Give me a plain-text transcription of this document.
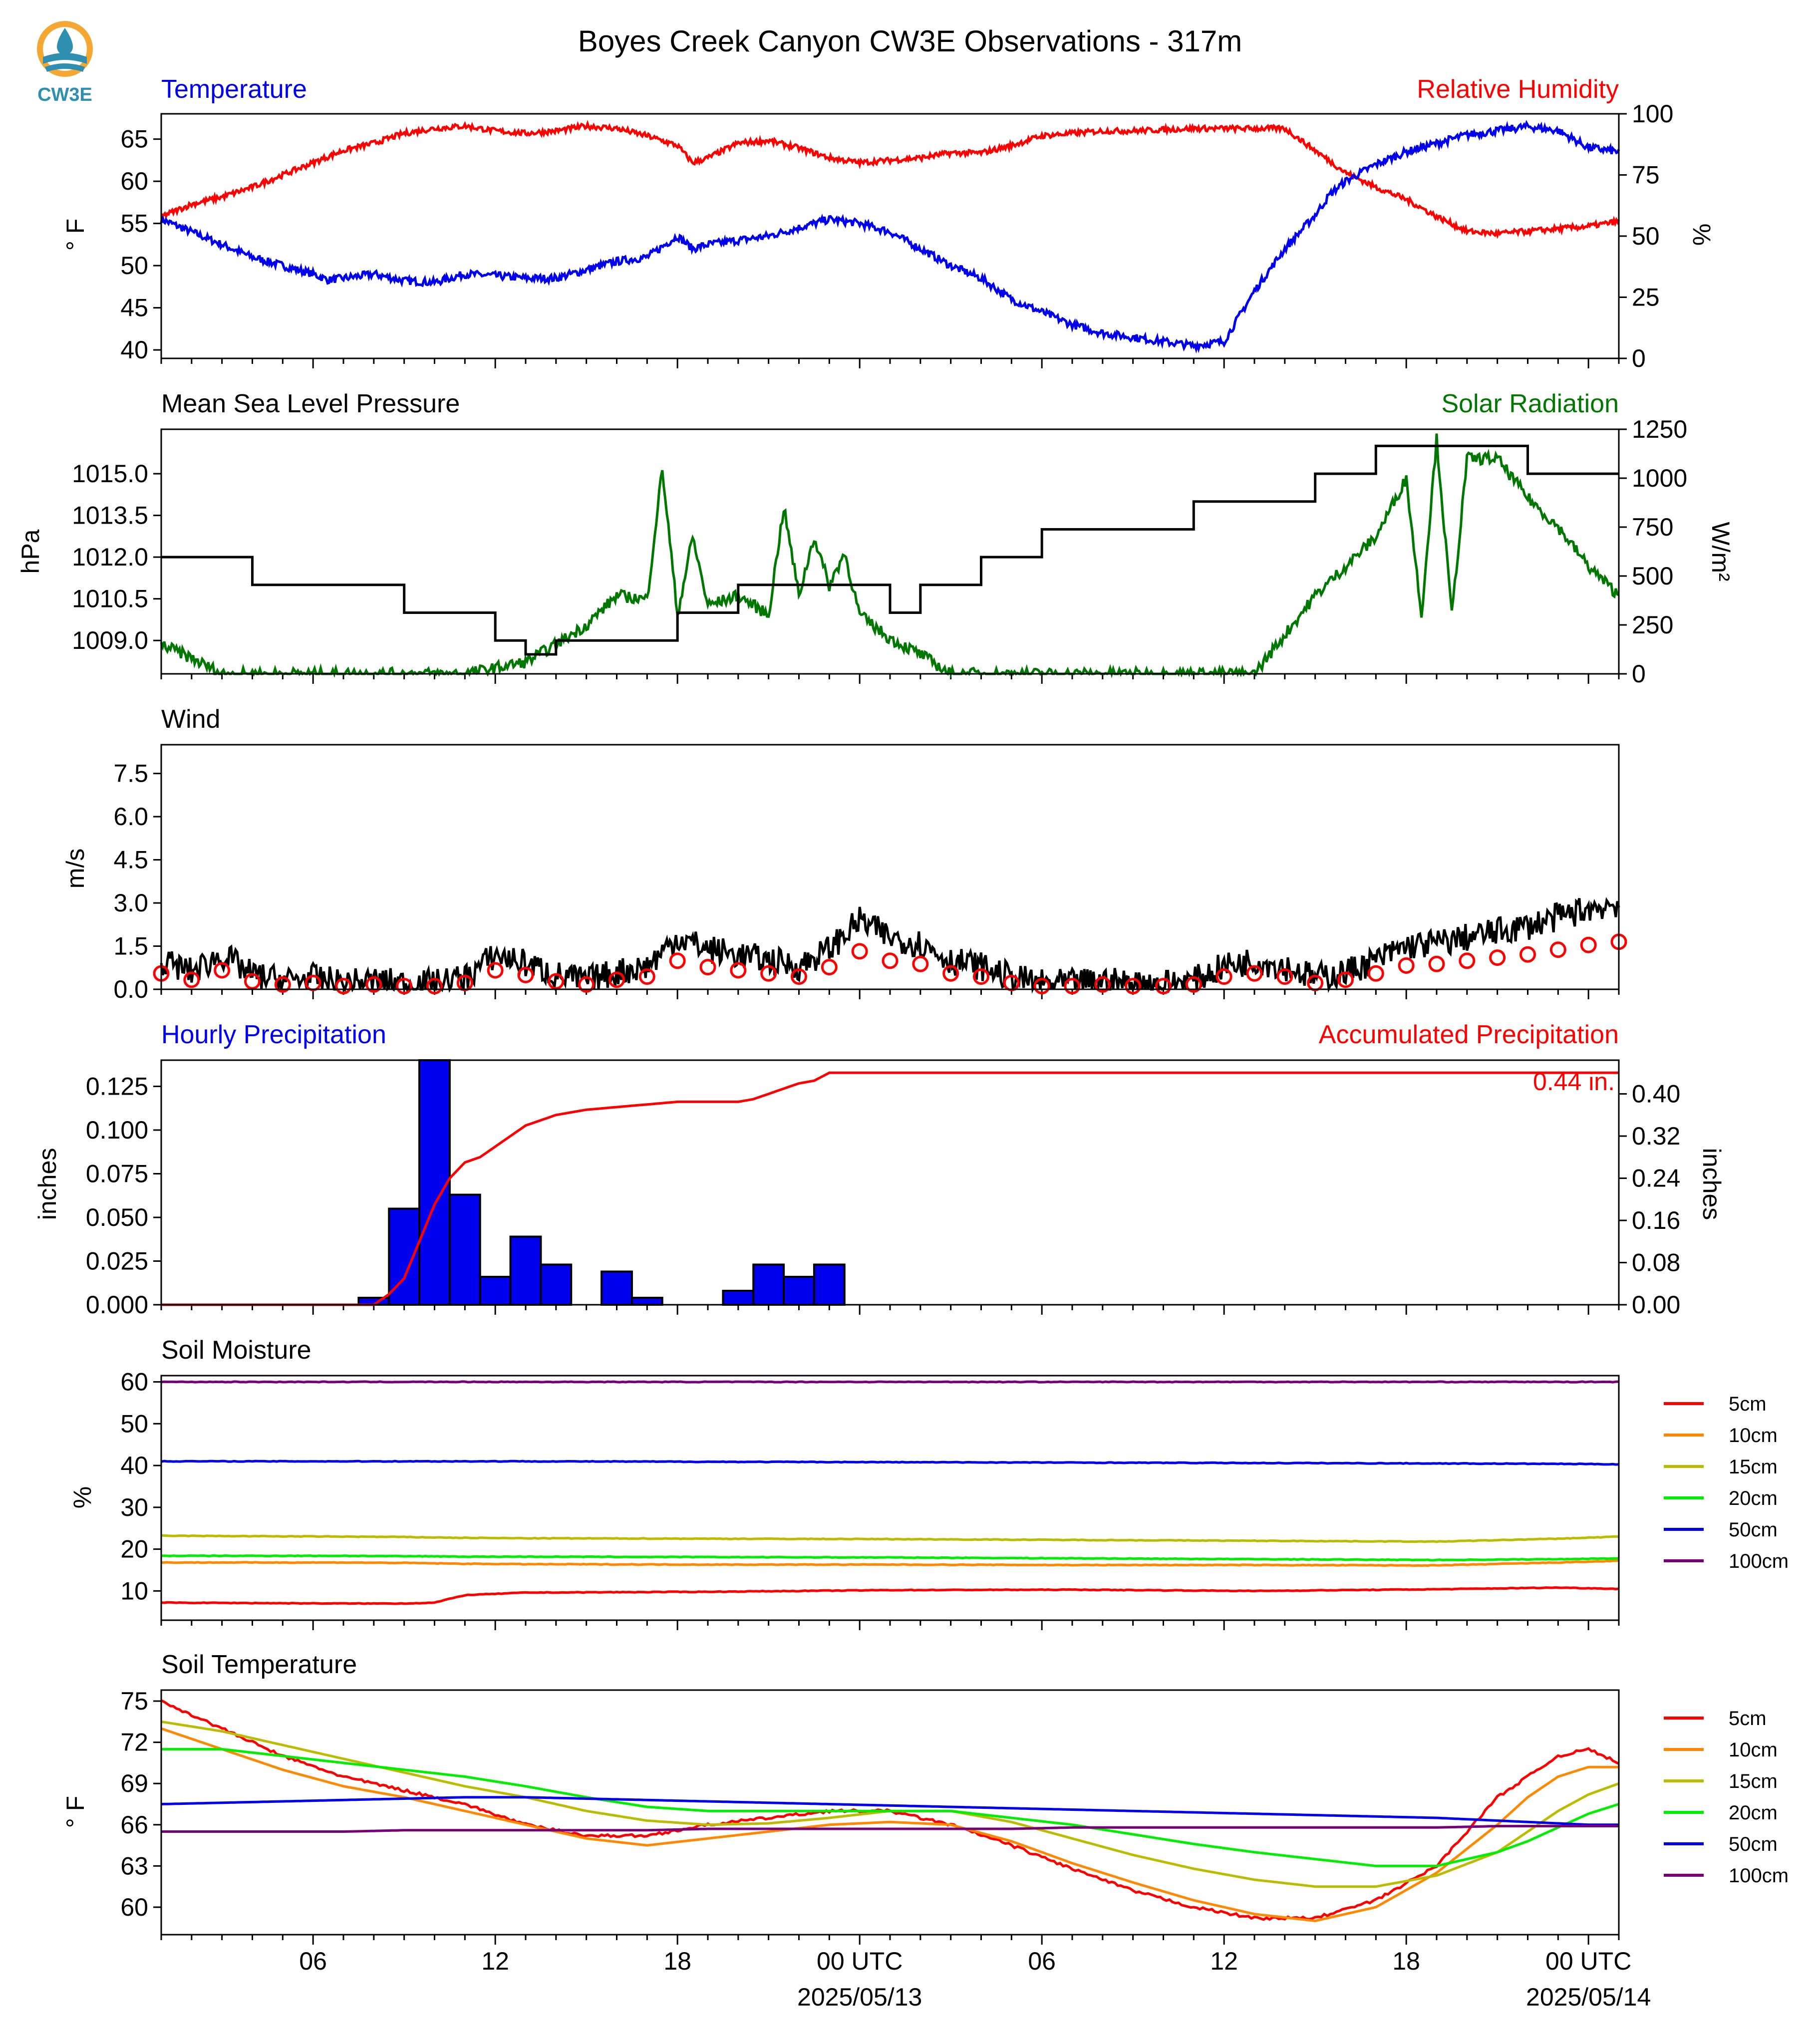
CW3E
Boyes Creek Canyon CW3E Observations - 317m
Temperature	Relative Humidity
° F	%
40
45
50
55
60
65
0
25
50
75
100
Mean Sea Level Pressure	Solar Radiation
hPa	W/m²
1009.0
1010.5
1012.0
1013.5
1015.0
0
250
500
750
1000
1250
Wind
m/s
0.0
1.5
3.0
4.5
6.0
7.5
Hourly Precipitation	Accumulated Precipitation
inches	inches
0.000
0.025
0.050
0.075
0.100
0.125
0.00
0.08
0.16
0.24
0.32
0.40
0.44 in.
Soil Moisture
%
10
20
30
40
50
60
5cm
10cm
15cm
20cm
50cm
100cm
Soil Temperature
° F
60
63
66
69
72
75
5cm
10cm
15cm
20cm
50cm
100cm
06	12	18	00 UTC	06	12	18	00 UTC
2025/05/13	2025/05/14
